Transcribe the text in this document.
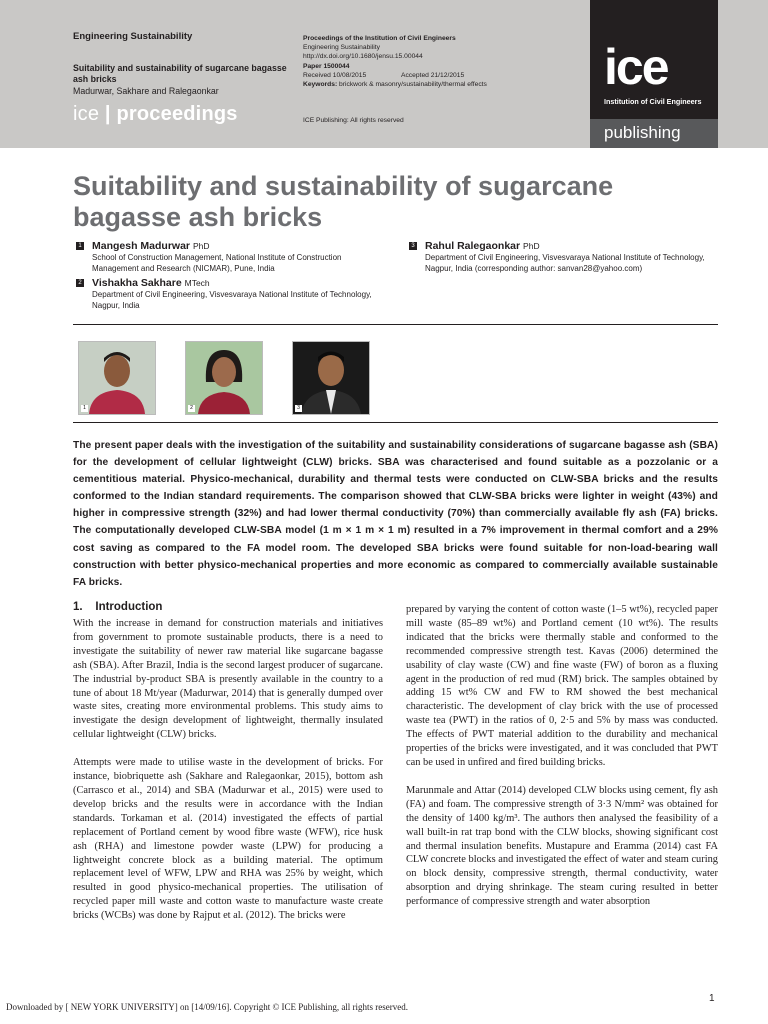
Engineering Sustainability
Suitability and sustainability of sugarcane bagasse ash bricks
Madurwar, Sakhare and Ralegaonkar
ice | proceedings
Proceedings of the Institution of Civil Engineers
Engineering Sustainability
http://dx.doi.org/10.1680/jensu.15.00044
Paper 1500044
Received 10/08/2015	Accepted 21/12/2015
Keywords: brickwork & masonry/sustainability/thermal effects
ICE Publishing: All rights reserved
ice
Institution of Civil Engineers
publishing
Suitability and sustainability of sugarcane bagasse ash bricks
1 Mangesh Madurwar PhD
School of Construction Management, National Institute of Construction Management and Research (NICMAR), Pune, India
2 Vishakha Sakhare MTech
Department of Civil Engineering, Visvesvaraya National Institute of Technology, Nagpur, India
3 Rahul Ralegaonkar PhD
Department of Civil Engineering, Visvesvaraya National Institute of Technology, Nagpur, India (corresponding author: sanvan28@yahoo.com)
1	2	3
The present paper deals with the investigation of the suitability and sustainability considerations of sugarcane bagasse ash (SBA) for the development of cellular lightweight (CLW) bricks. SBA was characterised and found suitable as a pozzolanic or a cementitious material. Physico-mechanical, durability and thermal tests were conducted on CLW-SBA bricks and the results conformed to the Indian standard requirements. The comparison showed that CLW-SBA bricks were lighter in weight (43%) and higher in compressive strength (32%) and had lower thermal conductivity (70%) than commercially available fly ash (FA) bricks. The computationally developed CLW-SBA model (1 m × 1 m × 1 m) resulted in a 7% improvement in thermal comfort and a 29% cost saving as compared to the FA model room. The developed SBA bricks were found suitable for non-load-bearing wall construction with better physico-mechanical properties and more economic as compared to commercially available sustainable FA bricks.
1. Introduction

With the increase in demand for construction materials and initiatives from government to promote sustainable products, there is a need to investigate the suitability of newer raw material like sugarcane bagasse ash (SBA). After Brazil, India is the second largest producer of sugarcane. The industrial by-product SBA is presently available in the country to a tune of about 18 Mt/year (Madurwar, 2014) that is generally dumped over waste sites, creating more environmental problems. This study aims to investigate the design development of lightweight, thermally insulated cellular lightweight (CLW) bricks.

Attempts were made to utilise waste in the development of bricks. For instance, biobriquette ash (Sakhare and Ralegaonkar, 2015), bottom ash (Carrasco et al., 2014) and SBA (Madurwar et al., 2015) were used to develop bricks and the results were in accordance with the Indian standards. Torkaman et al. (2014) investigated the effects of partial replacement of Portland cement by wood fibre waste (WFW), rice husk ash (RHA) and limestone powder waste (LPW) for producing a lightweight concrete block as a building material. The optimum replacement level of WFW, LPW and RHA was 25% by weight, which resulted in good physico-mechanical properties. The utilisation of recycled paper mill waste and cotton waste to manufacture waste create bricks (WCBs) was done by Rajput et al. (2012). The bricks were

prepared by varying the content of cotton waste (1–5 wt%), recycled paper mill waste (85–89 wt%) and Portland cement (10 wt%). The results indicated that the bricks were thermally stable and conformed to the recommended compressive strength test. Kavas (2006) determined the usability of clay waste (CW) and fine waste (FW) of boron as a fluxing agent in the production of red mud (RM) brick. The samples obtained by adding 15 wt% CW and FW to RM showed the best mechanical characteristic. The development of clay brick with the use of processed waste tea (PWT) in the ratios of 0, 2·5 and 5% by mass was conducted. The effects of PWT material addition to the durability and mechanical properties of the bricks were investigated, and it was concluded that PWT can be used in unfired and fired building bricks.

Marunmale and Attar (2014) developed CLW blocks using cement, fly ash (FA) and foam. The compressive strength of 3·3 N/mm² was obtained for the density of 1400 kg/m³. The authors then analysed the feasibility of a wall built-in rat trap bond with the CLW blocks, showing significant cost and thermal insulation benefits. Mustapure and Eramma (2014) cast FA CLW concrete blocks and investigated the effect of water and steam curing on block density, compressive strength, thermal conductivity, water absorption and drying shrinkage. The steam curing resulted in better performance of compressive strength and water absorption

1
Downloaded by [ NEW YORK UNIVERSITY] on [14/09/16]. Copyright © ICE Publishing, all rights reserved.
